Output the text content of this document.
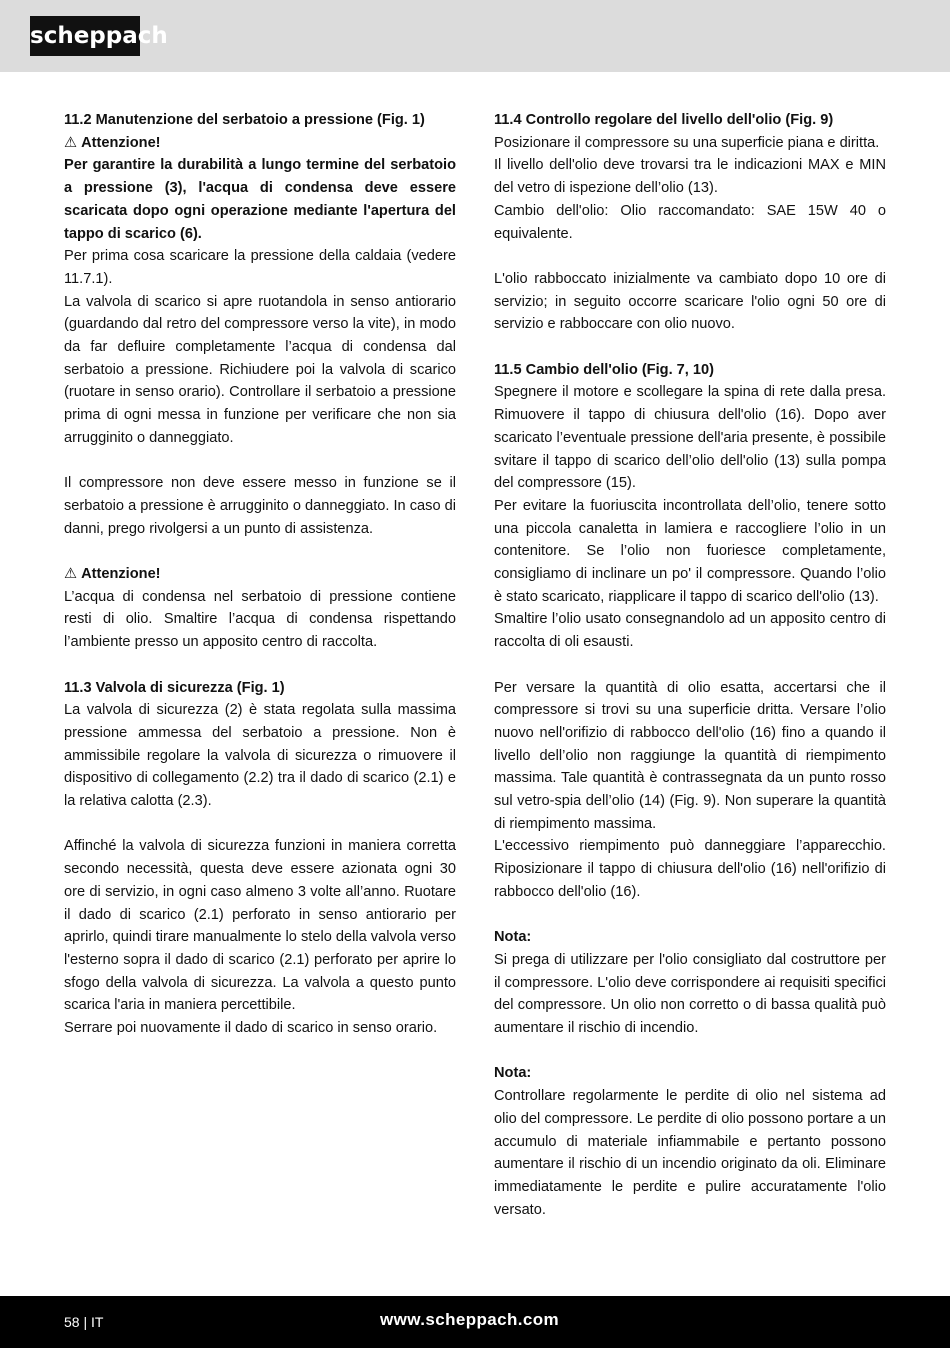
scheppach

11.2 Manutenzione del serbatoio a pressione (Fig. 1)

⚠ Attenzione!

Per garantire la durabilità a lungo termine del serbatoio a pressione (3), l'acqua di condensa deve essere scaricata dopo ogni operazione mediante l'apertura del tappo di scarico (6).

Per prima cosa scaricare la pressione della caldaia (vedere 11.7.1).

La valvola di scarico si apre ruotandola in senso antiorario (guardando dal retro del compressore verso la vite), in modo da far defluire completamente l’acqua di condensa dal serbatoio a pressione. Richiudere poi la valvola di scarico (ruotare in senso orario). Controllare il serbatoio a pressione prima di ogni messa in funzione per verificare che non sia arrugginito o danneggiato.

Il compressore non deve essere messo in funzione se il serbatoio a pressione è arrugginito o danneggiato. In caso di danni, prego rivolgersi a un punto di assistenza.

⚠ Attenzione!

L’acqua di condensa nel serbatoio di pressione contiene resti di olio. Smaltire l’acqua di condensa rispettando l’ambiente presso un apposito centro di raccolta.

11.3 Valvola di sicurezza (Fig. 1)

La valvola di sicurezza (2) è stata regolata sulla massima pressione ammessa del serbatoio a pressione. Non è ammissibile regolare la valvola di sicurezza o rimuovere il dispositivo di collegamento (2.2) tra il dado di scarico (2.1) e la relativa calotta (2.3).

Affinché la valvola di sicurezza funzioni in maniera corretta secondo necessità, questa deve essere azionata ogni 30 ore di servizio, in ogni caso almeno 3 volte all’anno. Ruotare il dado di scarico (2.1) perforato in senso antiorario per aprirlo, quindi tirare manualmente lo stelo della valvola verso l'esterno sopra il dado di scarico (2.1) perforato per aprire lo sfogo della valvola di sicurezza. La valvola a questo punto scarica l'aria in maniera percettibile.

Serrare poi nuovamente il dado di scarico in senso orario.

11.4 Controllo regolare del livello dell'olio (Fig. 9)

Posizionare il compressore su una superficie piana e diritta.

Il livello dell'olio deve trovarsi tra le indicazioni MAX e MIN del vetro di ispezione dell’olio (13).

Cambio dell'olio: Olio raccomandato: SAE 15W 40 o equivalente.

L'olio rabboccato inizialmente va cambiato dopo 10 ore di servizio; in seguito occorre scaricare l'olio ogni 50 ore di servizio e rabboccare con olio nuovo.

11.5 Cambio dell'olio (Fig. 7, 10)

Spegnere il motore e scollegare la spina di rete dalla presa. Rimuovere il tappo di chiusura dell'olio (16). Dopo aver scaricato l’eventuale pressione dell'aria presente, è possibile svitare il tappo di scarico dell’olio dell'olio (13) sulla pompa del compressore (15).

Per evitare la fuoriuscita incontrollata dell’olio, tenere sotto una piccola canaletta in lamiera e raccogliere l’olio in un contenitore. Se l’olio non fuoriesce completamente, consigliamo di inclinare un po' il compressore. Quando l’olio è stato scaricato, riapplicare il tappo di scarico dell'olio (13).

Smaltire l’olio usato consegnandolo ad un apposito centro di raccolta di oli esausti.

Per versare la quantità di olio esatta, accertarsi che il compressore si trovi su una superficie dritta. Versare l’olio nuovo nell'orifizio di rabbocco dell'olio (16) fino a quando il livello dell’olio non raggiunge la quantità di riempimento massima. Tale quantità è contrassegnata da un punto rosso sul vetro-spia dell’olio (14) (Fig. 9). Non superare la quantità di riempimento massima.

L'eccessivo riempimento può danneggiare l’apparecchio. Riposizionare il tappo di chiusura dell'olio (16) nell'orifizio di rabbocco dell'olio (16).

Nota:

Si prega di utilizzare per l'olio consigliato dal costruttore per il compressore. L'olio deve corrispondere ai requisiti specifici del compressore. Un olio non corretto o di bassa qualità può aumentare il rischio di incendio.

Nota:

Controllare regolarmente le perdite di olio nel sistema ad olio del compressore. Le perdite di olio possono portare a un accumulo di materiale infiammabile e pertanto possono aumentare il rischio di un incendio originato da oli. Eliminare immediatamente le perdite e pulire accuratamente l'olio versato.

58 | IT	www.scheppach.com
